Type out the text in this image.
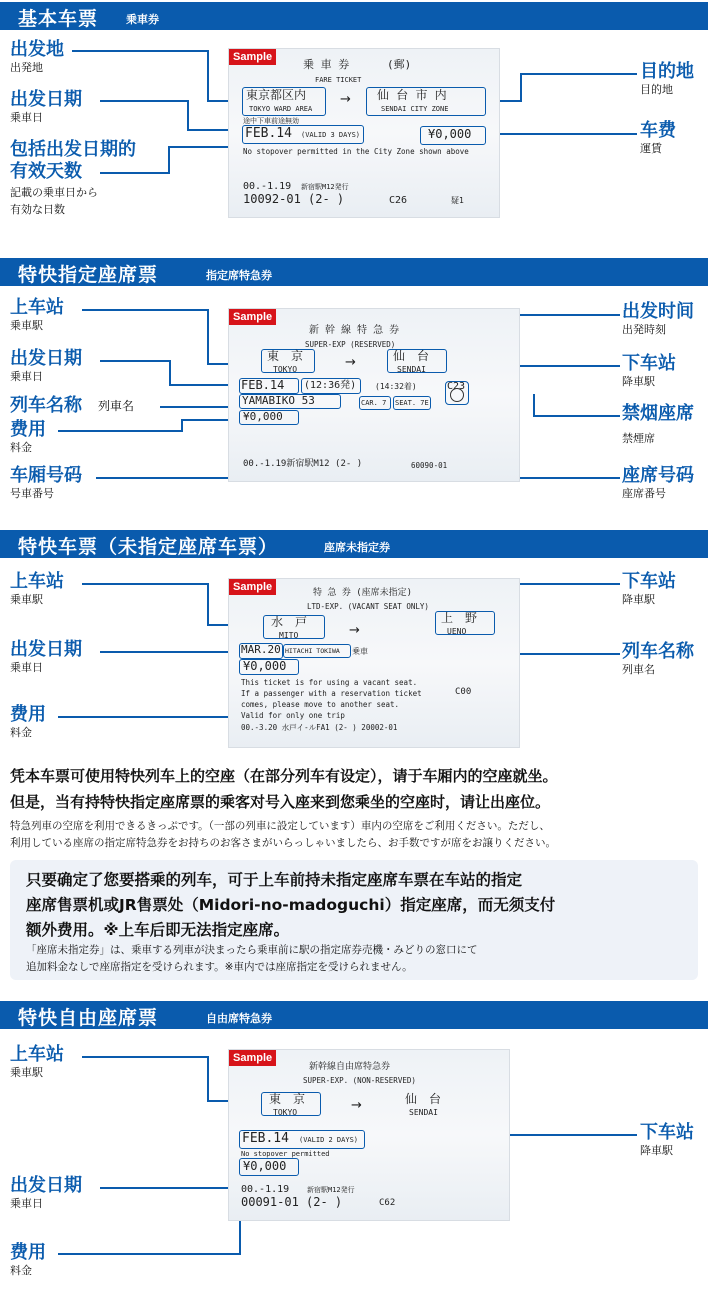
基本车票	乗車券
出发地
出発地
出发日期
乗車日
包括出发日期的
有效天数
記載の乗車日から
有効な日数
目的地
目的地
车费
運賃
Sample
乗 車 券	(郵)
FARE TICKET
東京都区内
TOKYO WARD AREA
→ 仙 台 市 内
SENDAI CITY ZONE
途中下車前途無効
FEB.14 (VALID 3 DAYS)	¥0,000
No stopover permitted in the City Zone shown above
00.-1.19 新宿駅M12発行
10092-01 (2- )	C26	疑1
特快指定座席票	指定席特急券
上车站
乗車駅
出发日期
乗車日
列车名称 列車名
费用
料金
车厢号码
号車番号
出发时间
出発時刻
下车站
降車駅
禁烟座席
禁煙席
座席号码
座席番号
Sample
新 幹 線 特 急 券
SUPER-EXP (RESERVED)
東　京
TOKYO	→	仙　台
SENDAI
FEB.14 (12:36発) (14:32着)	C23
YAMABIKO 53	CAR. 7 SEAT. 7E
¥0,000
00.-1.19新宿駅M12 (2- )	60090-01
特快车票（未指定座席车票）	座席未指定券
上车站
乗車駅
出发日期
乗車日
费用
料金
下车站
降車駅
列车名称
列車名
Sample	特 急 券 (座席未指定)
LTD-EXP. (VACANT SEAT ONLY)
水　戸
MITO	→
上　野
UENO
MAR.20 HITACHI TOKIWA 乗車
¥0,000
This ticket is for using a vacant seat.
If a passenger with a reservation ticket	C00
comes, please move to another seat.
Valid for only one trip
00.-3.20 水戸イ-ルFA1 (2- ) 20002-01
凭本车票可使用特快列车上的空座（在部分列车有设定），请于车厢内的空座就坐。
但是，当有持特快指定座席票的乘客对号入座来到您乘坐的空座时，请让出座位。
特急列車の空席を利用できるきっぷです。（一部の列車に設定しています）車内の空席をご利用ください。ただし、
利用している座席の指定席特急券をお持ちのお客さまがいらっしゃいましたら、お手数ですが席をお譲りください。
只要确定了您要搭乘的列车，可于上车前持未指定座席车票在车站的指定
座席售票机或JR售票处（Midori-no-madoguchi）指定座席，而无须支付
额外费用。※上车后即无法指定座席。
「座席未指定券」は、乗車する列車が決まったら乗車前に駅の指定席券売機・みどりの窓口にて
追加料金なしで座席指定を受けられます。※車内では座席指定を受けられません。
特快自由座席票	自由席特急券
上车站
乗車駅
出发日期
乗車日
费用
料金
下车站
降車駅
Sample
新幹線自由席特急券
SUPER-EXP. (NON-RESERVED)
東　京
TOKYO	→	仙　台
SENDAI
FEB.14 (VALID 2 DAYS)
No stopover permitted
¥0,000
00.-1.19	新宿駅M12発行
00091-01 (2- )	C62
